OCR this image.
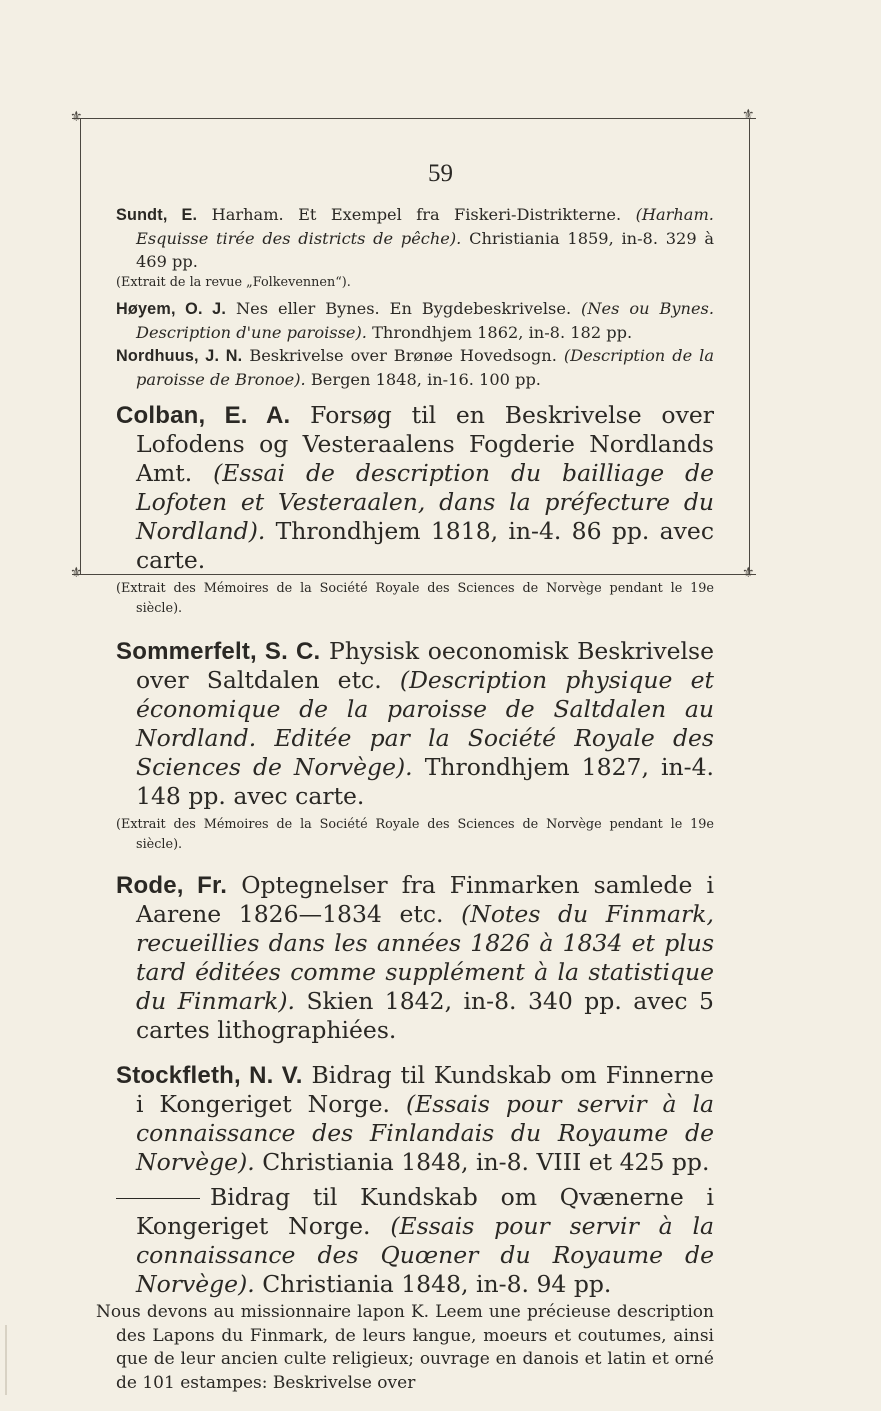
⚜	⚜
⚜	⚜
59
Sundt, E. Harham. Et Exempel fra Fiskeri-Distrikterne. (Harham. Esquisse tirée des districts de pêche). Christiania 1859, in-8. 329 à 469 pp.
(Extrait de la revue „Folkevennen“).
Høyem, O. J. Nes eller Bynes. En Bygdebeskrivelse. (Nes ou Bynes. Description d'une paroisse). Throndhjem 1862, in-8. 182 pp.
Nordhuus, J. N. Beskrivelse over Brønøe Hovedsogn. (Description de la paroisse de Bronoe). Bergen 1848, in-16. 100 pp.
Colban, E. A. Forsøg til en Beskrivelse over Lofodens og Vesteraalens Fogderie Nordlands Amt. (Essai de description du bailliage de Lofoten et Vesteraalen, dans la préfecture du Nordland). Throndhjem 1818, in-4. 86 pp. avec carte.
(Extrait des Mémoires de la Société Royale des Sciences de Norvège pendant le 19e siècle).
Sommerfelt, S. C. Physisk oeconomisk Beskrivelse over Saltdalen etc. (Description physique et économique de la paroisse de Saltdalen au Nordland. Editée par la Société Royale des Sciences de Norvège). Throndhjem 1827, in-4. 148 pp. avec carte.
(Extrait des Mémoires de la Société Royale des Sciences de Norvège pendant le 19e siècle).
Rode, Fr. Optegnelser fra Finmarken samlede i Aarene 1826—1834 etc. (Notes du Finmark, recueillies dans les années 1826 à 1834 et plus tard éditées comme supplément à la statistique du Finmark). Skien 1842, in-8. 340 pp. avec 5 cartes lithographiées.
Stockfleth, N. V. Bidrag til Kundskab om Finnerne i Kongeriget Norge. (Essais pour servir à la connaissance des Finlandais du Royaume de Norvège). Christiania 1848, in-8. VIII et 425 pp.
Bidrag til Kundskab om Qvænerne i Kongeriget Norge. (Essais pour servir à la connaissance des Quœner du Royaume de Norvège). Christiania 1848, in-8. 94 pp.
Nous devons au missionnaire lapon K. Leem une précieuse description des Lapons du Finmark, de leurs langue, moeurs et coutumes, ainsi que de leur ancien culte religieux; ouvrage en danois et latin et orné de 101 estampes: Beskrivelse over
